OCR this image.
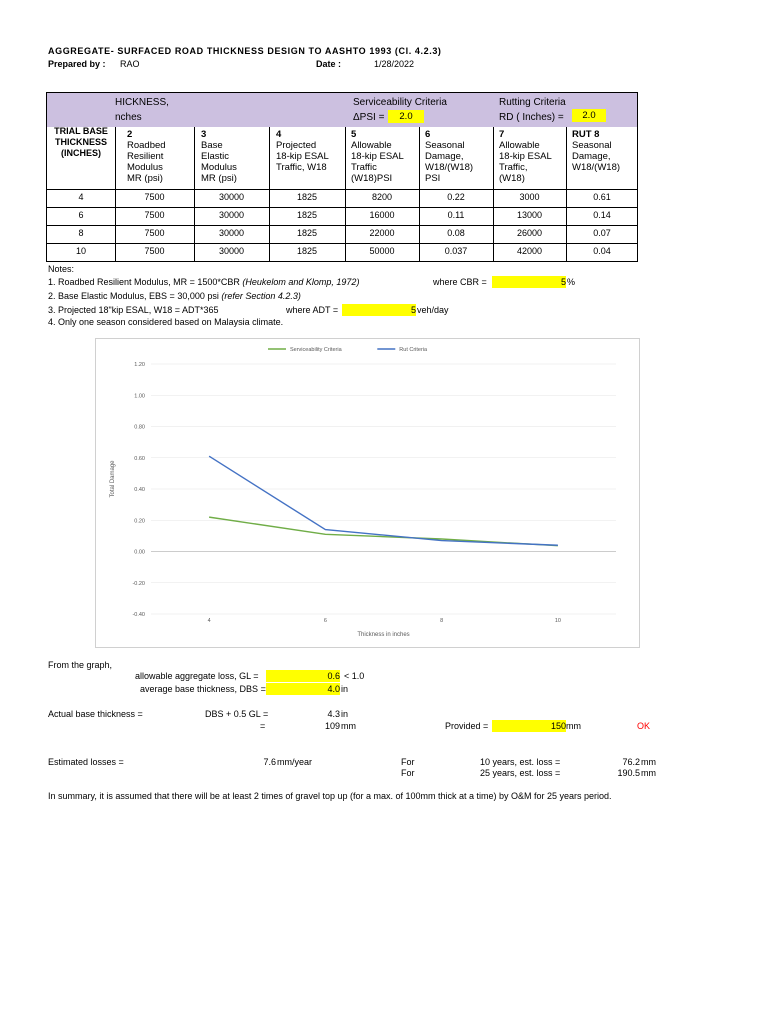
AGGREGATE- SURFACED ROAD THICKNESS DESIGN TO AASHTO 1993 (Cl. 4.2.3)
Prepared by : RAO	Date :	1/28/2022
HICKNESS,
nches
Serviceability Criteria
ΔPSI =	2.0
Rutting Criteria
RD ( Inches) =	2.0
TRIAL BASE
THICKNESS
(INCHES)
2
Roadbed
Resilient
Modulus
MR (psi)
3
Base
Elastic
Modulus
MR (psi)
4
Projected
18-kip ESAL
Traffic, W18
5
Allowable
18-kip ESAL
Traffic
(W18)PSI
6
Seasonal
Damage,
W18/(W18)
PSI
7
Allowable
18-kip ESAL
Traffic,
(W18)
RUT 8
Seasonal
Damage,
W18/(W18)
4	7500	30000	1825	8200	0.22	3000	0.61
6	7500	30000	1825	16000	0.11	13000	0.14
8	7500	30000	1825	22000	0.08	26000	0.07
10	7500	30000	1825	50000	0.037	42000	0.04
Notes:
1. Roadbed Resilient Modulus, MR = 1500*CBR (Heukelom and Klomp, 1972)	where CBR =	5 %
2. Base Elastic Modulus, EBS = 30,000 psi (refer Section 4.2.3)
3. Projected 18"kip ESAL, W18 = ADT*365	where ADT =	5 veh/day
4. Only one season considered based on Malaysia climate.
1.20
1.00
0.80
0.60
0.40
0.20
0.00
-0.20
-0.40
4	6	8	10
Thickness in inches
Total Damage
Serviceability Criteria	Rut Criteria
From the graph,
allowable aggregate loss, GL =	0.6 < 1.0
average base thickness, DBS =	4.0 in
Actual base thickness =	DBS + 0.5 GL =	4.3 in
=	109 mm	Provided =	150 mm	OK
Estimated losses =	7.6 mm/year	For	10 years, est. loss =	76.2 mm
For	25 years, est. loss =	190.5 mm
In summary, it is assumed that there will be at least 2 times of gravel top up (for a max. of 100mm thick at a time) by O&M for 25 years period.
